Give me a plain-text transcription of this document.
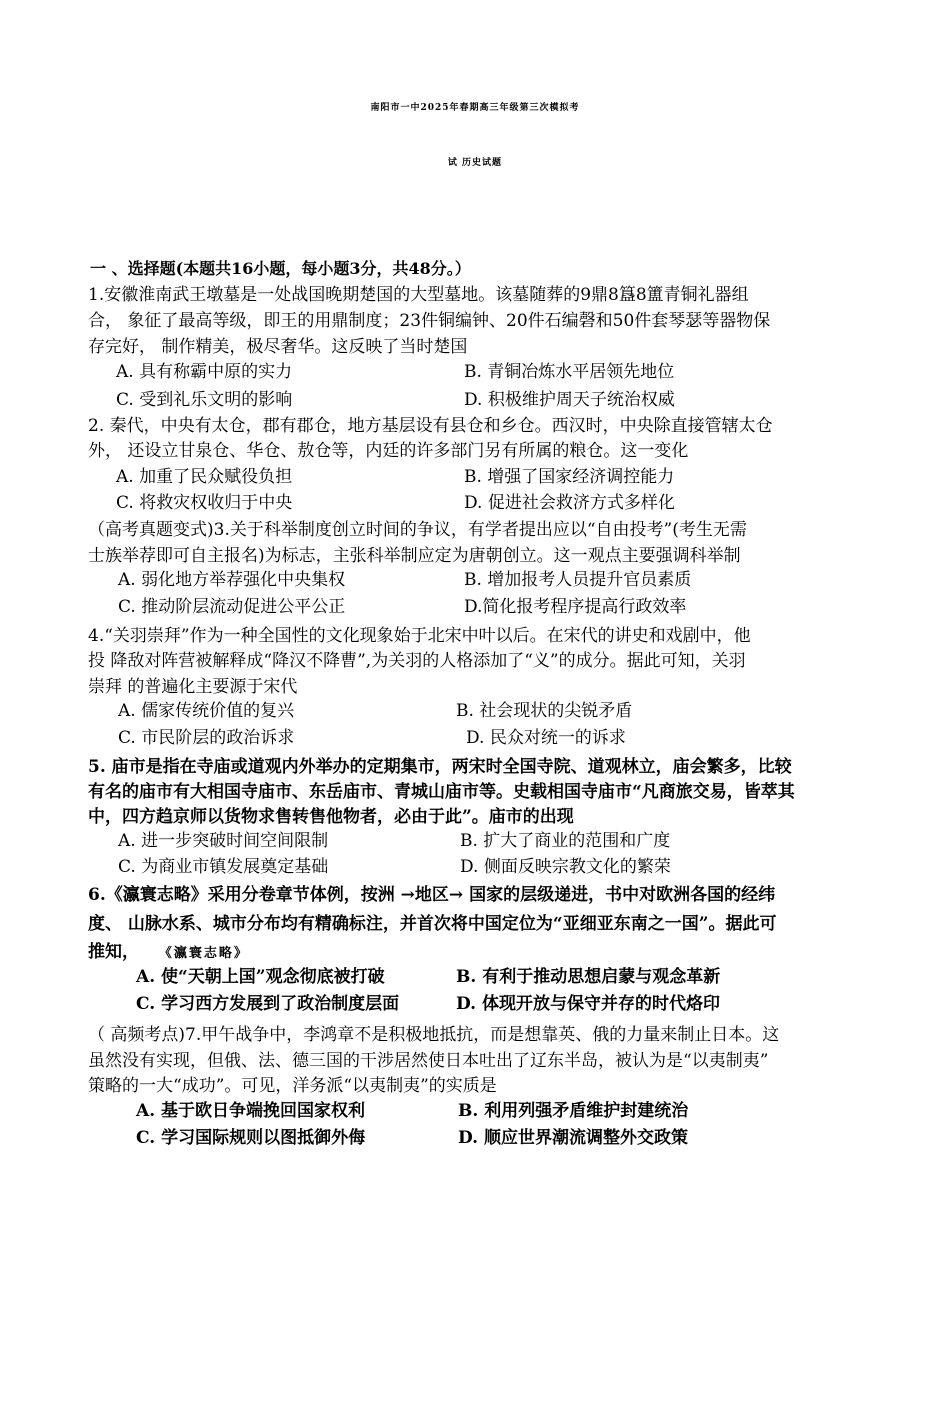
南阳市一中2025年春期高三年级第三次模拟考
试 历史试题
一 、选择题(本题共16小题，每小题3分，共48分。）
1.安徽淮南武王墩墓是一处战国晚期楚国的大型墓地。该墓随葬的9鼎8簋8簠青铜礼器组
合， 象征了最高等级，即王的用鼎制度；23件铜编钟、20件石编磬和50件套琴瑟等器物保
存完好， 制作精美，极尽奢华。这反映了当时楚国
A. 具有称霸中原的实力	B. 青铜冶炼水平居领先地位
C. 受到礼乐文明的影响	D. 积极维护周天子统治权威
2. 秦代，中央有太仓，郡有郡仓，地方基层设有县仓和乡仓。西汉时，中央除直接管辖太仓
外， 还设立甘泉仓、华仓、敖仓等，内廷的许多部门另有所属的粮仓。这一变化
A. 加重了民众赋役负担	B. 增强了国家经济调控能力
C. 将救灾权收归于中央	D. 促进社会救济方式多样化
（高考真题变式)3.关于科举制度创立时间的争议，有学者提出应以“自由投考”(考生无需
士族举荐即可自主报名)为标志，主张科举制应定为唐朝创立。这一观点主要强调科举制
A. 弱化地方举荐强化中央集权	B. 增加报考人员提升官员素质
C. 推动阶层流动促进公平公正	D.简化报考程序提高行政效率
4.“关羽崇拜”作为一种全国性的文化现象始于北宋中叶以后。在宋代的讲史和戏剧中，他
投 降敌对阵营被解释成“降汉不降曹”,为关羽的人格添加了“义”的成分。据此可知，关羽
崇拜 的普遍化主要源于宋代
A. 儒家传统价值的复兴	B. 社会现状的尖锐矛盾
C. 市民阶层的政治诉求	D. 民众对统一的诉求
5. 庙市是指在寺庙或道观内外举办的定期集市，两宋时全国寺院、道观林立，庙会繁多，比较
有名的庙市有大相国寺庙市、东岳庙市、青城山庙市等。史载相国寺庙市“凡商旅交易，皆萃其
中，四方趋京师以货物求售转售他物者，必由于此”。庙市的出现
A. 进一步突破时间空间限制	B. 扩大了商业的范围和广度
C. 为商业市镇发展奠定基础	D. 侧面反映宗教文化的繁荣
6.《瀛寰志略》采用分卷章节体例，按洲 →地区→ 国家的层级递进，书中对欧洲各国的经纬
度、 山脉水系、城市分布均有精确标注，并首次将中国定位为“亚细亚东南之一国”。据此可
推知， 《瀛寰志略》
A. 使“天朝上国”观念彻底被打破	B. 有利于推动思想启蒙与观念革新
C. 学习西方发展到了政治制度层面	D. 体现开放与保守并存的时代烙印
（ 高频考点)7.甲午战争中，李鸿章不是积极地抵抗，而是想靠英、俄的力量来制止日本。这
虽然没有实现，但俄、法、德三国的干涉居然使日本吐出了辽东半岛，被认为是“以夷制夷”
策略的一大“成功”。可见，洋务派“以夷制夷”的实质是
A. 基于欧日争端挽回国家权利	B. 利用列强矛盾维护封建统治
C. 学习国际规则以图抵御外侮	D. 顺应世界潮流调整外交政策
